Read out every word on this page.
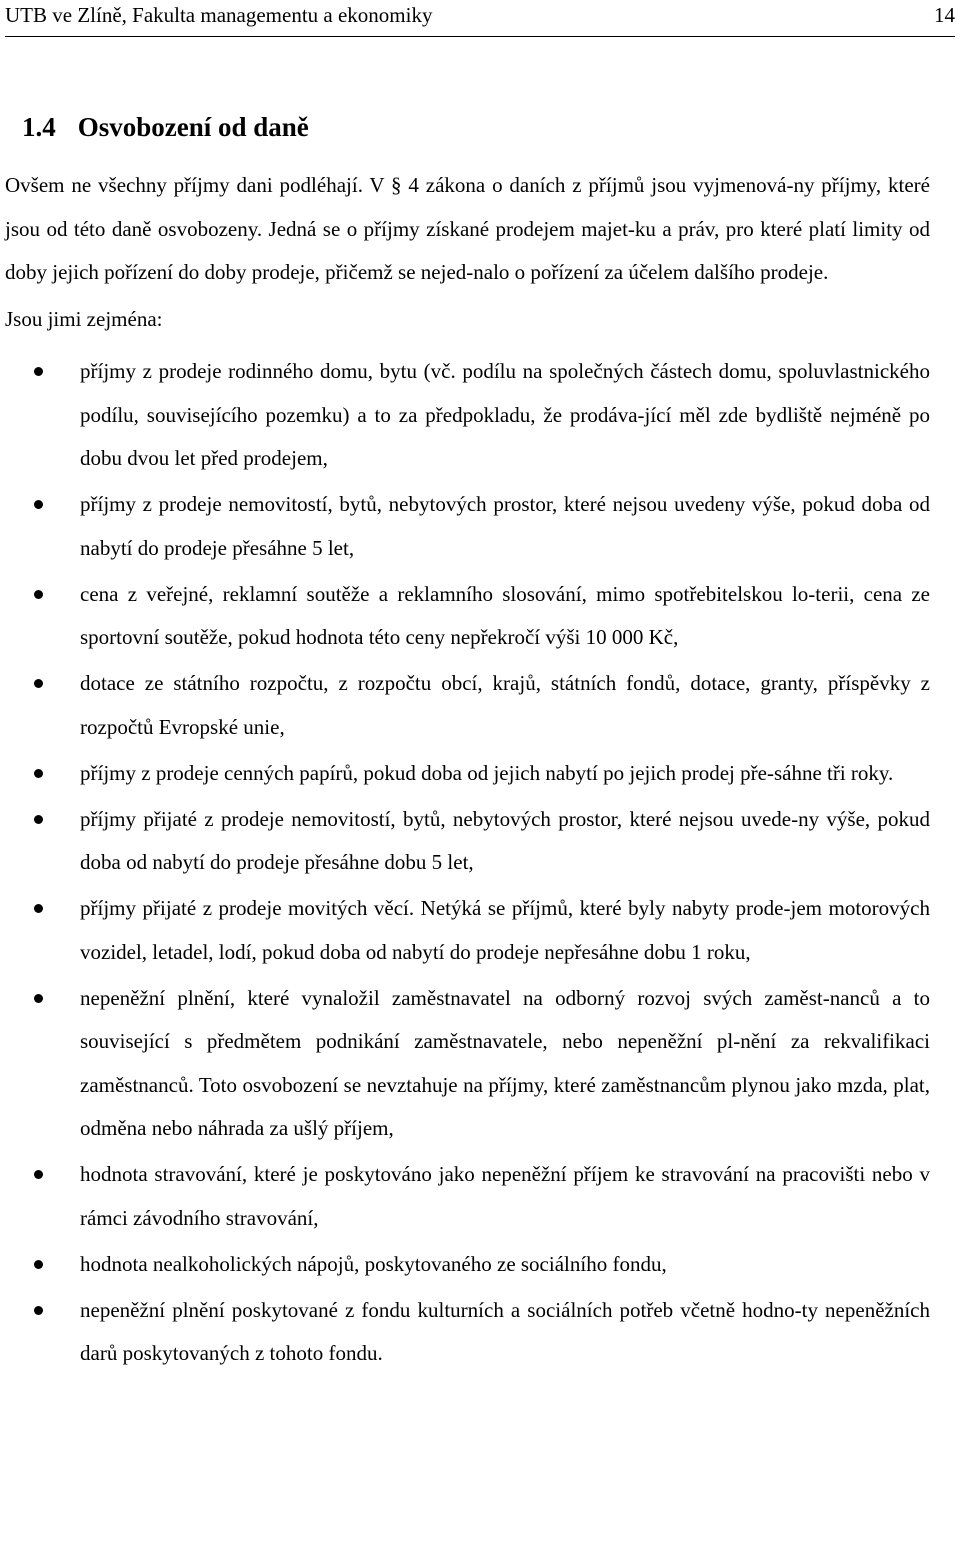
UTB ve Zlíně, Fakulta managementu a ekonomiky	14
1.4 Osvobození od daně

Ovšem ne všechny příjmy dani podléhají. V § 4 zákona o daních z příjmů jsou vyjmenová-ny příjmy, které jsou od této daně osvobozeny. Jedná se o příjmy získané prodejem majet-ku a práv, pro které platí limity od doby jejich pořízení do doby prodeje, přičemž se nejed-nalo o pořízení za účelem dalšího prodeje.

Jsou jimi zejména:

příjmy z prodeje rodinného domu, bytu (vč. podílu na společných částech domu, spoluvlastnického podílu, souvisejícího pozemku) a to za předpokladu, že prodáva-jící měl zde bydliště nejméně po dobu dvou let před prodejem,
příjmy z prodeje nemovitostí, bytů, nebytových prostor, které nejsou uvedeny výše, pokud doba od nabytí do prodeje přesáhne 5 let,
cena z veřejné, reklamní soutěže a reklamního slosování, mimo spotřebitelskou lo-terii, cena ze sportovní soutěže, pokud hodnota této ceny nepřekročí výši 10 000 Kč,
dotace ze státního rozpočtu, z rozpočtu obcí, krajů, státních fondů, dotace, granty, příspěvky z rozpočtů Evropské unie,
příjmy z prodeje cenných papírů, pokud doba od jejich nabytí po jejich prodej pře-sáhne tři roky.
příjmy přijaté z prodeje nemovitostí, bytů, nebytových prostor, které nejsou uvede-ny výše, pokud doba od nabytí do prodeje přesáhne dobu 5 let,
příjmy přijaté z prodeje movitých věcí. Netýká se příjmů, které byly nabyty prode-jem motorových vozidel, letadel, lodí, pokud doba od nabytí do prodeje nepřesáhne dobu 1 roku,
nepeněžní plnění, které vynaložil zaměstnavatel na odborný rozvoj svých zaměst-nanců a to související s předmětem podnikání zaměstnavatele, nebo nepeněžní pl-nění za rekvalifikaci zaměstnanců. Toto osvobození se nevztahuje na příjmy, které zaměstnancům plynou jako mzda, plat, odměna nebo náhrada za ušlý příjem,
hodnota stravování, které je poskytováno jako nepeněžní příjem ke stravování na pracovišti nebo v rámci závodního stravování,
hodnota nealkoholických nápojů, poskytovaného ze sociálního fondu,
nepeněžní plnění poskytované z fondu kulturních a sociálních potřeb včetně hodno-ty nepeněžních darů poskytovaných z tohoto fondu.
